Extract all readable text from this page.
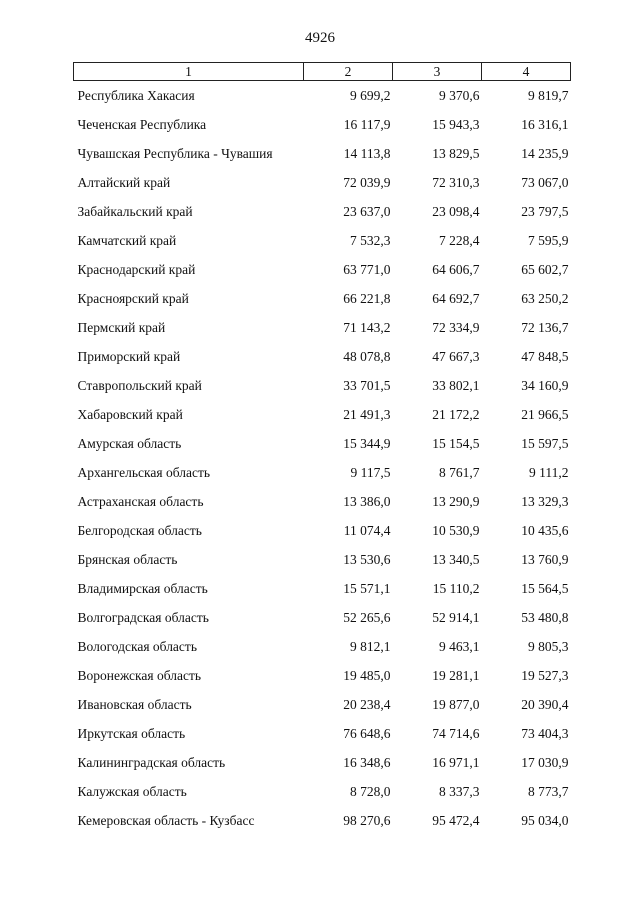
4926
1	2	3	4
Республика Хакасия	9 699,2	9 370,6	9 819,7
Чеченская Республика	16 117,9	15 943,3	16 316,1
Чувашская Республика - Чувашия	14 113,8	13 829,5	14 235,9
Алтайский край	72 039,9	72 310,3	73 067,0
Забайкальский край	23 637,0	23 098,4	23 797,5
Камчатский край	7 532,3	7 228,4	7 595,9
Краснодарский край	63 771,0	64 606,7	65 602,7
Красноярский край	66 221,8	64 692,7	63 250,2
Пермский край	71 143,2	72 334,9	72 136,7
Приморский край	48 078,8	47 667,3	47 848,5
Ставропольский край	33 701,5	33 802,1	34 160,9
Хабаровский край	21 491,3	21 172,2	21 966,5
Амурская область	15 344,9	15 154,5	15 597,5
Архангельская область	9 117,5	8 761,7	9 111,2
Астраханская область	13 386,0	13 290,9	13 329,3
Белгородская область	11 074,4	10 530,9	10 435,6
Брянская область	13 530,6	13 340,5	13 760,9
Владимирская область	15 571,1	15 110,2	15 564,5
Волгоградская область	52 265,6	52 914,1	53 480,8
Вологодская область	9 812,1	9 463,1	9 805,3
Воронежская область	19 485,0	19 281,1	19 527,3
Ивановская область	20 238,4	19 877,0	20 390,4
Иркутская область	76 648,6	74 714,6	73 404,3
Калининградская область	16 348,6	16 971,1	17 030,9
Калужская область	8 728,0	8 337,3	8 773,7
Кемеровская область - Кузбасс	98 270,6	95 472,4	95 034,0
